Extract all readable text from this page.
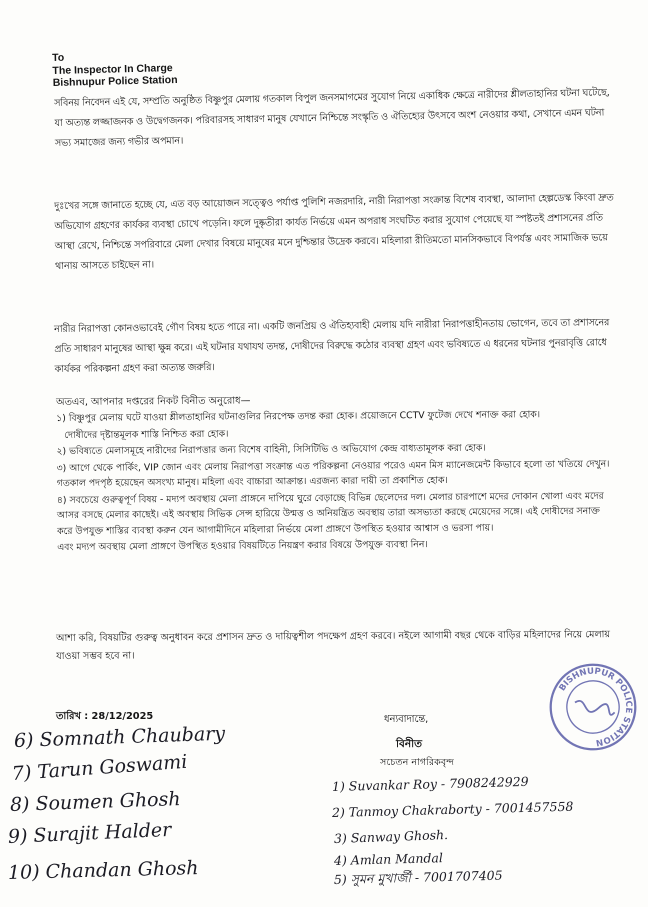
To
The Inspector In Charge
Bishnupur Police Station
সবিনয় নিবেদন এই যে, সম্প্রতি অনুষ্ঠিত বিষ্ণুপুর মেলায় গতকাল বিপুল জনসমাগমের সুযোগ নিয়ে একাধিক ক্ষেত্রে নারীদের শ্লীলতাহানির ঘটনা ঘটেছে, যা অত্যন্ত লজ্জাজনক ও উদ্বেগজনক। পরিবারসহ সাধারণ মানুষ যেখানে নিশ্চিন্তে সংস্কৃতি ও ঐতিহ্যের উৎসবে অংশ নেওয়ার কথা, সেখানে এমন ঘটনা সভ্য সমাজের জন্য গভীর অপমান।
দুঃখের সঙ্গে জানাতে হচ্ছে যে, এত বড় আয়োজন সত্ত্বেও পর্যাপ্ত পুলিশি নজরদারি, নারী নিরাপত্তা সংক্রান্ত বিশেষ ব্যবস্থা, আলাদা হেল্পডেস্ক কিংবা দ্রুত অভিযোগ গ্রহণের কার্যকর ব্যবস্থা চোখে পড়েনি। ফলে দুষ্কৃতীরা কার্যত নির্ভয়ে এমন অপরাধ সংঘটিত করার সুযোগ পেয়েছে যা স্পষ্টতই প্রশাসনের প্রতি আস্থা রেখে, নিশ্চিন্তে সপরিবারে মেলা দেখার বিষয়ে মানুষের মনে দুশ্চিন্তার উদ্রেক করবে। মহিলারা রীতিমতো মানসিকভাবে বিপর্যস্ত এবং সামাজিক ভয়ে থানায় আসতে চাইছেন না।
নারীর নিরাপত্তা কোনওভাবেই গৌণ বিষয় হতে পারে না। একটি জনপ্রিয় ও ঐতিহ্যবাহী মেলায় যদি নারীরা নিরাপত্তাহীনতায় ভোগেন, তবে তা প্রশাসনের প্রতি সাধারণ মানুষের আস্থা ক্ষুন্ন করে। এই ঘটনার যথাযথ তদন্ত, দোষীদের বিরুদ্ধে কঠোর ব্যবস্থা গ্রহণ এবং ভবিষ্যতে এ ধরনের ঘটনার পুনরাবৃত্তি রোধে কার্যকর পরিকল্পনা গ্রহণ করা অত্যন্ত জরুরি।
অতএব, আপনার দপ্তরের নিকট বিনীত অনুরোধ—
১) বিষ্ণুপুর মেলায় ঘটে যাওয়া শ্লীলতাহানির ঘটনাগুলির নিরপেক্ষ তদন্ত করা হোক। প্রয়োজনে CCTV ফুটেজ দেখে শনাক্ত করা হোক।
দোষীদের দৃষ্টান্তমূলক শাস্তি নিশ্চিত করা হোক।
২) ভবিষ্যতে মেলাসমূহে নারীদের নিরাপত্তার জন্য বিশেষ বাহিনী, সিসিটিভি ও অভিযোগ কেন্দ্র বাধ্যতামূলক করা হোক।
৩) আগে থেকে পার্কিং, VIP জোন এবং মেলায় নিরাপত্তা সংক্রান্ত এত পরিকল্পনা নেওয়ার পরেও এমন মিস ম্যানেজমেন্ট কিভাবে হলো তা খতিয়ে দেখুন। গতকাল পদপৃষ্ঠ হয়েছেন অসংখ্য মানুষ। মহিলা এবং বাচ্চারা আক্রান্ত। এরজন্য কারা দায়ী তা প্রকাশিত হোক।
৪) সবচেয়ে গুরুত্বপূর্ণ বিষয় - মদ্যপ অবস্থায় মেলা প্রাঙ্গনে দাপিয়ে ঘুরে বেড়াচ্ছে বিভিন্ন ছেলেদের দল। মেলার চারপাশে মদের দোকান খোলা এবং মদের আসর বসছে মেলার কাছেই। এই অবস্থায় সিভিক সেন্স হারিয়ে উন্মত্ত ও অনিয়ন্ত্রিত অবস্থায় তারা অসভ্যতা করছে মেয়েদের সঙ্গে। এই দোষীদের সনাক্ত করে উপযুক্ত শাস্তির ব্যবস্থা করুন যেন আগামীদিনে মহিলারা নির্ভয়ে মেলা প্রাঙ্গণে উপস্থিত হওয়ার আশ্বাস ও ভরসা পায়।
এবং মদ্যপ অবস্থায় মেলা প্রাঙ্গণে উপস্থিত হওয়ার বিষয়টিতে নিয়ন্ত্রণ করার বিষয়ে উপযুক্ত ব্যবস্থা নিন।
আশা করি, বিষয়টির গুরুত্ব অনুধাবন করে প্রশাসন দ্রুত ও দায়িত্বশীল পদক্ষেপ গ্রহণ করবে। নইলে আগামী বছর থেকে বাড়ির মহিলাদের নিয়ে মেলায় যাওয়া সম্ভব হবে না।
তারিখ : 28/12/2025	ধন্যবাদান্তে,
বিনীত
সচেতন নাগরিকবৃন্দ
6) Somnath Chaubary
7) Tarun Goswami
8) Soumen Ghosh
9) Surajit Halder
10) Chandan Ghosh
1) Suvankar Roy - 7908242929
2) Tanmoy Chakraborty - 7001457558
3) Sanway Ghosh.
4) Amlan Mandal
5) সুমন মুখার্জী - 7001707405
BISHNUPUR POLICE STATION
